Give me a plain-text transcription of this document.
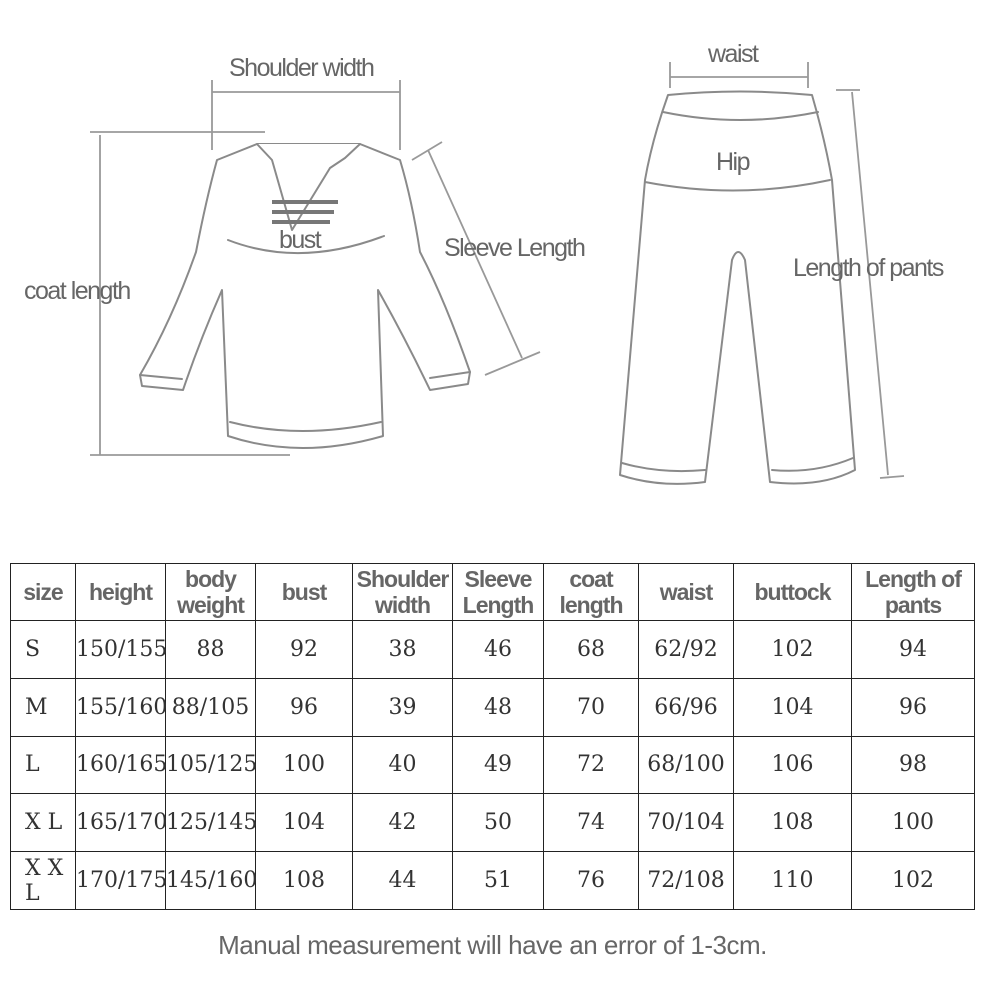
Shoulder width
bust	Sleeve Length
coat length
waist
Hip
Length of pants
size	height	body weight	bust	Shoulder width	Sleeve Length	coat length	waist	buttock	Length of pants
S	150/155	88	92	38	46	68	62/92	102	94
M	155/160	88/105	96	39	48	70	66/96	104	96
L	160/165	105/125	100	40	49	72	68/100	106	98
X L	165/170	125/145	104	42	50	74	70/104	108	100
X X L	170/175	145/160	108	44	51	76	72/108	110	102
Manual measurement will have an error of 1-3cm.
